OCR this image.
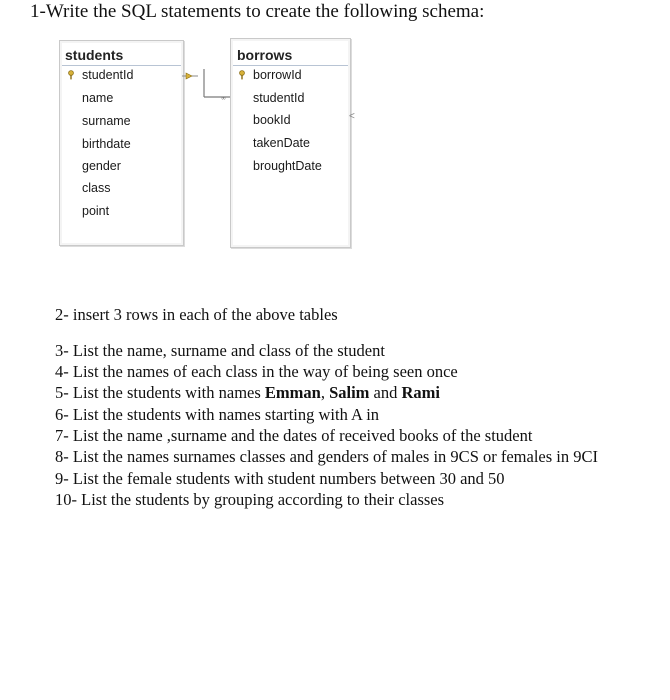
1-Write the SQL statements to create the following schema:
students
studentId
name
surname
birthdate
gender
class
point
∞
borrows
borrowId
studentId
bookId
takenDate
broughtDate
<
2- insert 3 rows in each of the above tables
3- List the name, surname and class of the student
4- List the names of each class in the way of being seen once
5- List the students with names Emman, Salim and Rami
6- List the students with names starting with A in
7- List the name ,surname and the dates of received books of the student
8- List the names surnames classes and genders of males in 9CS or females in 9CI
9- List the female students with student numbers between 30 and 50
10- List the students by grouping according to their classes
